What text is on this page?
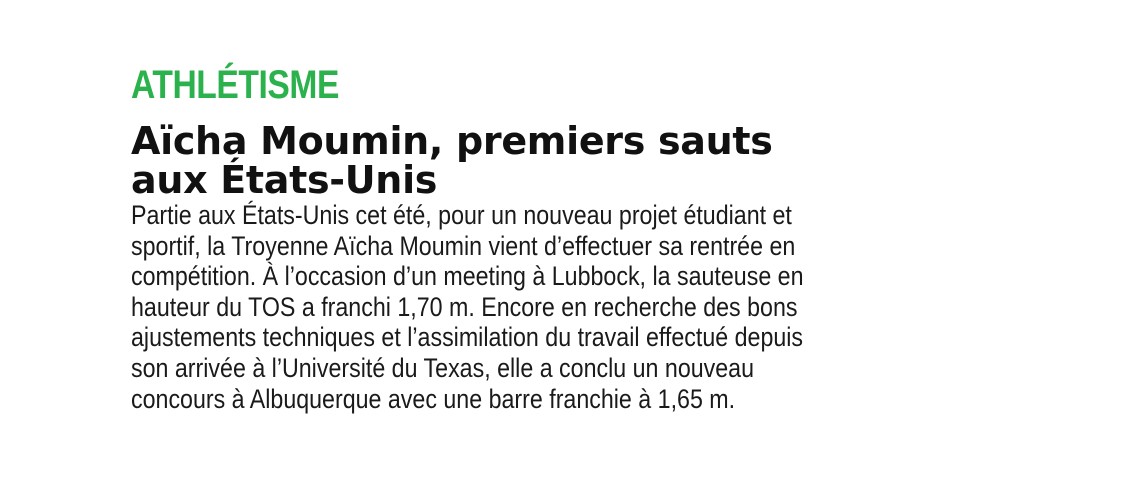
ATHLÉTISME
Aïcha Moumin, premiers sauts
aux États-Unis
Partie aux États-Unis cet été, pour un nouveau projet étudiant et
sportif, la Troyenne Aïcha Moumin vient d’effectuer sa rentrée en
compétition. À l’occasion d’un meeting à Lubbock, la sauteuse en
hauteur du TOS a franchi 1,70 m. Encore en recherche des bons
ajustements techniques et l’assimilation du travail effectué depuis
son arrivée à l’Université du Texas, elle a conclu un nouveau
concours à Albuquerque avec une barre franchie à 1,65 m.
